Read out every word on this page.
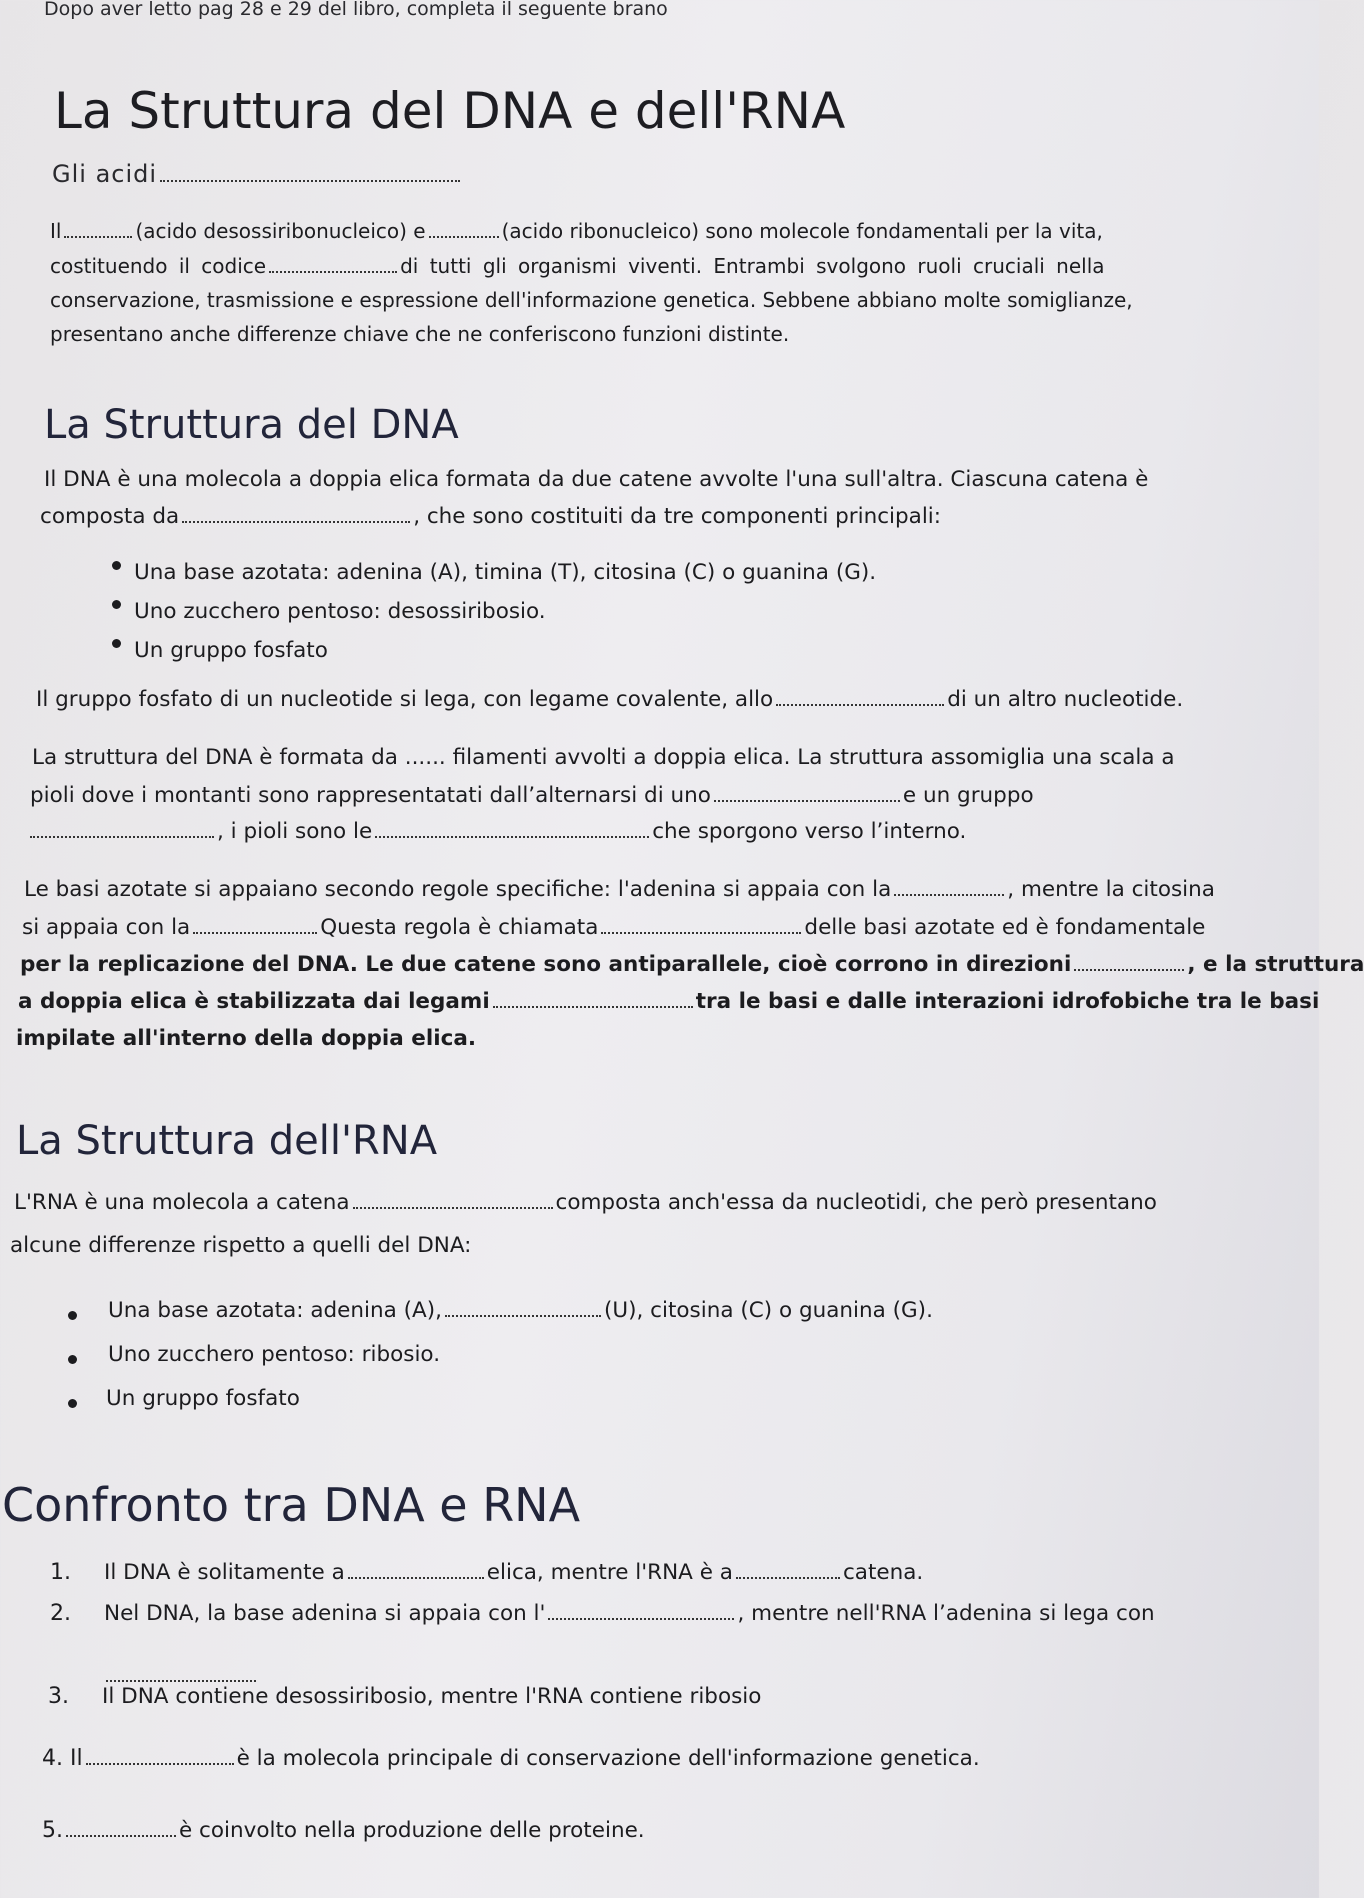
Dopo aver letto pag 28 e 29 del libro, completa il seguente brano
La Struttura del DNA e dell'RNA
Gli acidi
Il	(acido desossiribonucleico) e	(acido ribonucleico) sono molecole fondamentali per la vita,
costituendo il codice	di tutti gli organismi viventi. Entrambi svolgono ruoli cruciali nella
conservazione, trasmissione e espressione dell'informazione genetica. Sebbene abbiano molte somiglianze,
presentano anche differenze chiave che ne conferiscono funzioni distinte.
La Struttura del DNA
Il DNA è una molecola a doppia elica formata da due catene avvolte l'una sull'altra. Ciascuna catena è
composta da	, che sono costituiti da tre componenti principali:
Una base azotata: adenina (A), timina (T), citosina (C) o guanina (G).
Uno zucchero pentoso: desossiribosio.
Un gruppo fosfato
Il gruppo fosfato di un nucleotide si lega, con legame covalente, allo	di un altro nucleotide.
La struttura del DNA è formata da ...... filamenti avvolti a doppia elica. La struttura assomiglia una scala a
pioli dove i montanti sono rappresentatati dall’alternarsi di uno	e un gruppo
, i pioli sono le	che sporgono verso l’interno.
Le basi azotate si appaiano secondo regole specifiche: l'adenina si appaia con la	, mentre la citosina
si appaia con la	Questa regola è chiamata	delle basi azotate ed è fondamentale
per la replicazione del DNA. Le due catene sono antiparallele, cioè corrono in direzioni	, e la struttura
a doppia elica è stabilizzata dai legami	tra le basi e dalle interazioni idrofobiche tra le basi
impilate all'interno della doppia elica.
La Struttura dell'RNA
L'RNA è una molecola a catena	composta anch'essa da nucleotidi, che però presentano
alcune differenze rispetto a quelli del DNA:
Una base azotata: adenina (A),	(U), citosina (C) o guanina (G).
Uno zucchero pentoso: ribosio.
Un gruppo fosfato
Confronto tra DNA e RNA
1. Il DNA è solitamente a	elica, mentre l'RNA è a	catena.
2. Nel DNA, la base adenina si appaia con l'	, mentre nell'RNA l’adenina si lega con
3. Il DNA contiene desossiribosio, mentre l'RNA contiene ribosio
4. Il	è la molecola principale di conservazione dell'informazione genetica.
5.	è coinvolto nella produzione delle proteine.
